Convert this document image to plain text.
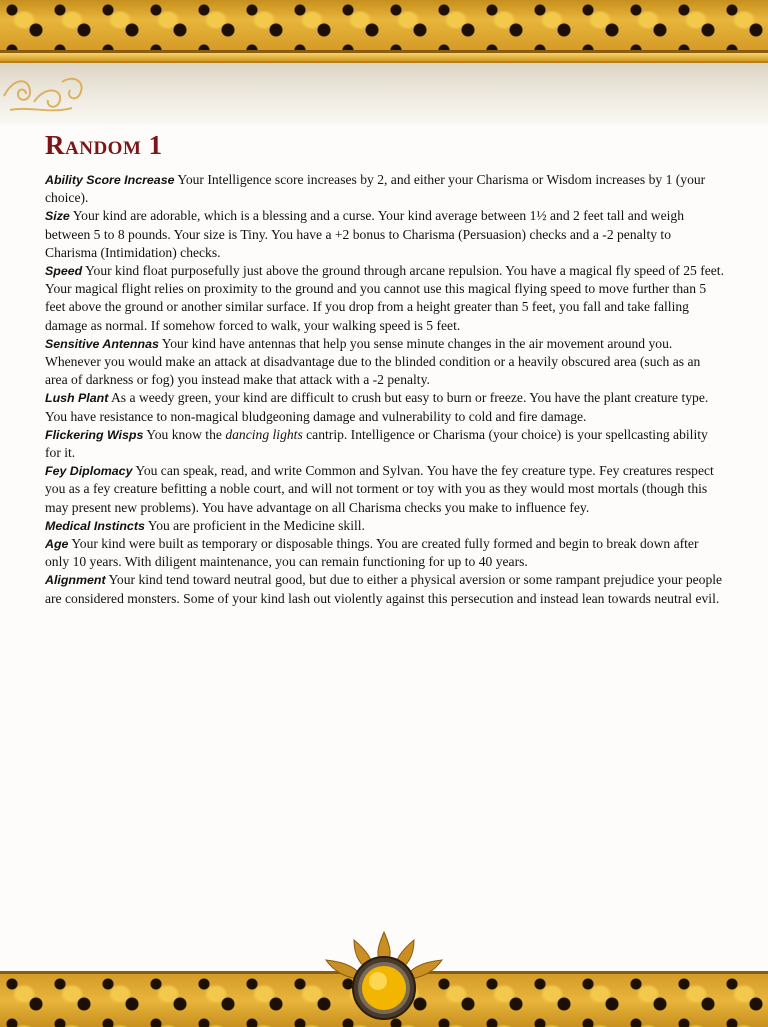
Random 1

Ability Score Increase Your Intelligence score increases by 2, and either your Charisma or Wisdom increases by 1 (your choice).

Size Your kind are adorable, which is a blessing and a curse. Your kind average between 1½ and 2 feet tall and weigh between 5 to 8 pounds. Your size is Tiny. You have a +2 bonus to Charisma (Persuasion) checks and a -2 penalty to Charisma (Intimidation) checks.

Speed Your kind float purposefully just above the ground through arcane repulsion. You have a magical fly speed of 25 feet. Your magical flight relies on proximity to the ground and you cannot use this magical flying speed to move further than 5 feet above the ground or another similar surface. If you drop from a height greater than 5 feet, you fall and take falling damage as normal. If somehow forced to walk, your walking speed is 5 feet.

Sensitive Antennas Your kind have antennas that help you sense minute changes in the air movement around you. Whenever you would make an attack at disadvantage due to the blinded condition or a heavily obscured area (such as an area of darkness or fog) you instead make that attack with a -2 penalty.

Lush Plant As a weedy green, your kind are difficult to crush but easy to burn or freeze. You have the plant creature type. You have resistance to non-magical bludgeoning damage and vulnerability to cold and fire damage.

Flickering Wisps You know the dancing lights cantrip. Intelligence or Charisma (your choice) is your spellcasting ability for it.

Fey Diplomacy You can speak, read, and write Common and Sylvan. You have the fey creature type. Fey creatures respect you as a fey creature befitting a noble court, and will not torment or toy with you as they would most mortals (though this may present new problems). You have advantage on all Charisma checks you make to influence fey.

Medical Instincts You are proficient in the Medicine skill.

Age Your kind were built as temporary or disposable things. You are created fully formed and begin to break down after only 10 years. With diligent maintenance, you can remain functioning for up to 40 years.

Alignment Your kind tend toward neutral good, but due to either a physical aversion or some rampant prejudice your people are considered monsters. Some of your kind lash out violently against this persecution and instead lean towards neutral evil.
